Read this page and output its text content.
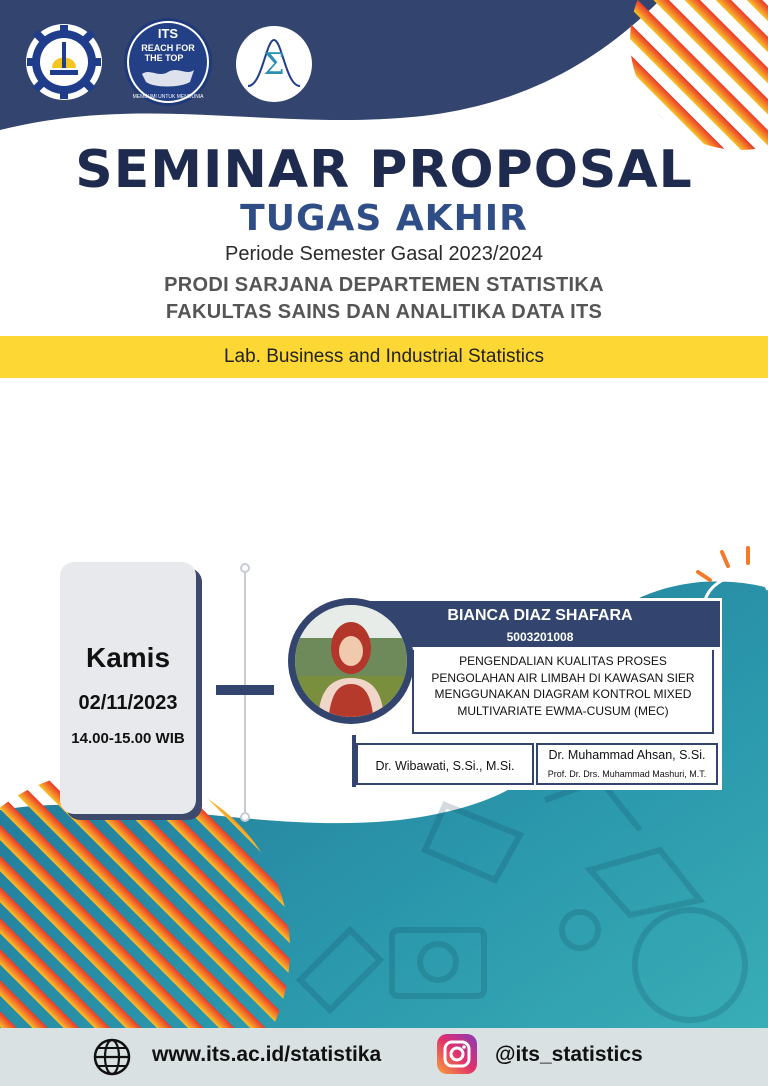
ITS
REACH FOR
THE TOP
MEMBUMI UNTUK MENDUNIA
Σ
SEMINAR PROPOSAL
TUGAS AKHIR
Periode Semester Gasal 2023/2024
PRODI SARJANA DEPARTEMEN STATISTIKA
FAKULTAS SAINS DAN ANALITIKA DATA ITS
Lab. Business and Industrial Statistics
Kamis
02/11/2023
14.00-15.00 WIB
BIANCA DIAZ SHAFARA
5003201008
PENGENDALIAN KUALITAS PROSES
PENGOLAHAN AIR LIMBAH DI KAWASAN SIER
MENGGUNAKAN DIAGRAM KONTROL MIXED
MULTIVARIATE EWMA-CUSUM (MEC)
Dr. Wibawati, S.Si., M.Si.
Dr. Muhammad Ahsan, S.Si.
Prof. Dr. Drs. Muhammad Mashuri, M.T.
www.its.ac.id/statistika	@its_statistics
